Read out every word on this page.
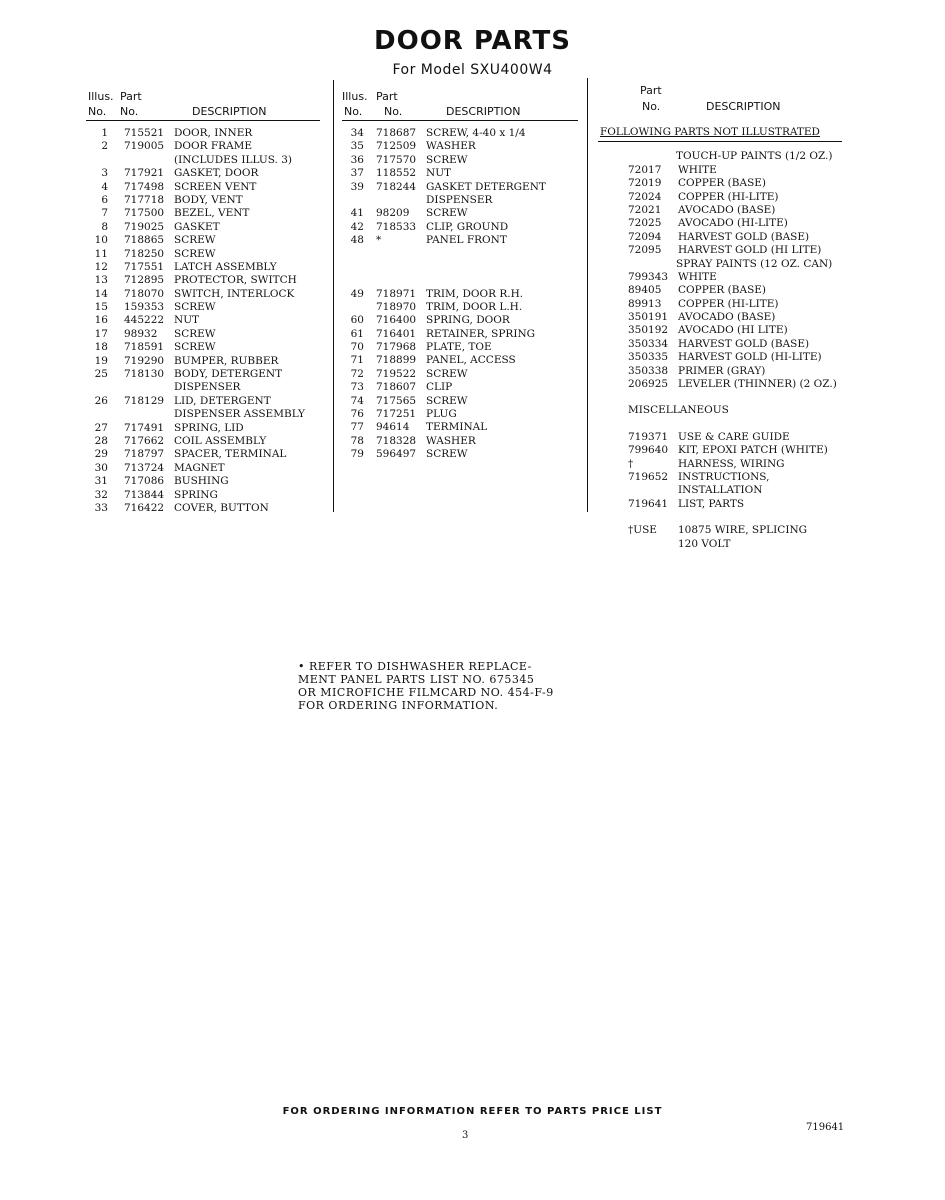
DOOR PARTS
For Model SXU400W4
Illus. Part
No. No.	DESCRIPTION
1 715521 DOOR, INNER
2 719005 DOOR FRAME
(INCLUDES ILLUS. 3)
3 717921 GASKET, DOOR
4 717498 SCREEN VENT
6 717718 BODY, VENT
7 717500 BEZEL, VENT
8 719025 GASKET
10 718865 SCREW
11 718250 SCREW
12 717551 LATCH ASSEMBLY
13 712895 PROTECTOR, SWITCH
14 718070 SWITCH, INTERLOCK
15 159353 SCREW
16 445222 NUT
17 98932 SCREW
18 718591 SCREW
19 719290 BUMPER, RUBBER
25 718130 BODY, DETERGENT
DISPENSER
26 718129 LID, DETERGENT
DISPENSER ASSEMBLY
27 717491 SPRING, LID
28 717662 COIL ASSEMBLY
29 718797 SPACER, TERMINAL
30 713724 MAGNET
31 717086 BUSHING
32 713844 SPRING
33 716422 COVER, BUTTON
Illus. Part
No. No.	DESCRIPTION
34 718687 SCREW, 4-40 x 1/4
35 712509 WASHER
36 717570 SCREW
37 118552 NUT
39 718244 GASKET DETERGENT
DISPENSER
41 98209 SCREW
42 718533 CLIP, GROUND
48 *	PANEL FRONT
49 718971 TRIM, DOOR R.H.
718970 TRIM, DOOR L.H.
60 716400 SPRING, DOOR
61 716401 RETAINER, SPRING
70 717968 PLATE, TOE
71 718899 PANEL, ACCESS
72 719522 SCREW
73 718607 CLIP
74 717565 SCREW
76 717251 PLUG
77 94614 TERMINAL
78 718328 WASHER
79 596497 SCREW
Part
No.	DESCRIPTION
FOLLOWING PARTS NOT ILLUSTRATED
TOUCH-UP PAINTS (1/2 OZ.)
72017 WHITE
72019 COPPER (BASE)
72024 COPPER (HI-LITE)
72021 AVOCADO (BASE)
72025 AVOCADO (HI-LITE)
72094 HARVEST GOLD (BASE)
72095 HARVEST GOLD (HI LITE)
SPRAY PAINTS (12 OZ. CAN)
799343 WHITE
89405 COPPER (BASE)
89913 COPPER (HI-LITE)
350191 AVOCADO (BASE)
350192 AVOCADO (HI LITE)
350334 HARVEST GOLD (BASE)
350335 HARVEST GOLD (HI-LITE)
350338 PRIMER (GRAY)
206925 LEVELER (THINNER) (2 OZ.)
MISCELLANEOUS
719371 USE & CARE GUIDE
799640 KIT, EPOXI PATCH (WHITE)
†	HARNESS, WIRING
719652 INSTRUCTIONS,
INSTALLATION
719641 LIST, PARTS
†USE 10875 WIRE, SPLICING
120 VOLT
• REFER TO DISHWASHER REPLACE-
MENT PANEL PARTS LIST NO. 675345
OR MICROFICHE FILMCARD NO. 454-F-9
FOR ORDERING INFORMATION.
FOR ORDERING INFORMATION REFER TO PARTS PRICE LIST
3
719641
